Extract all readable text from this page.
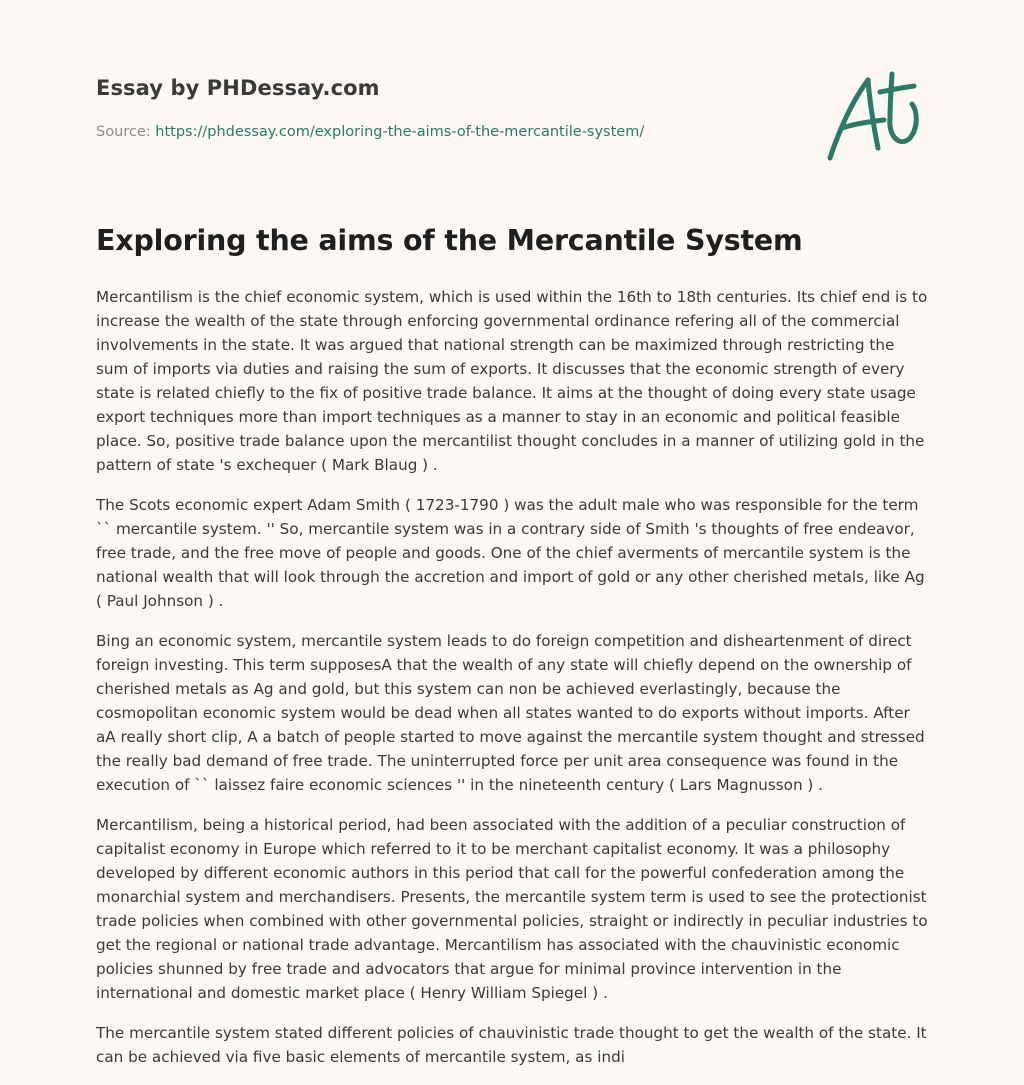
Essay by PHDessay.com
Source: https://phdessay.com/exploring-the-aims-of-the-mercantile-system/
Exploring the aims of the Mercantile System

Mercantilism is the chief economic system, which is used within the 16th to 18th centuries. Its chief end is to increase the wealth of the state through enforcing governmental ordinance refering all of the commercial involvements in the state. It was argued that national strength can be maximized through restricting the sum of imports via duties and raising the sum of exports. It discusses that the economic strength of every state is related chiefly to the fix of positive trade balance. It aims at the thought of doing every state usage export techniques more than import techniques as a manner to stay in an economic and political feasible place. So, positive trade balance upon the mercantilist thought concludes in a manner of utilizing gold in the pattern of state 's exchequer ( Mark Blaug ) .

The Scots economic expert Adam Smith ( 1723-1790 ) was the adult male who was responsible for the term `` mercantile system. '' So, mercantile system was in a contrary side of Smith 's thoughts of free endeavor, free trade, and the free move of people and goods. One of the chief averments of mercantile system is the national wealth that will look through the accretion and import of gold or any other cherished metals, like Ag ( Paul Johnson ) .

Bing an economic system, mercantile system leads to do foreign competition and disheartenment of direct foreign investing. This term supposesA that the wealth of any state will chiefly depend on the ownership of cherished metals as Ag and gold, but this system can non be achieved everlastingly, because the cosmopolitan economic system would be dead when all states wanted to do exports without imports. After aA really short clip, A a batch of people started to move against the mercantile system thought and stressed the really bad demand of free trade. The uninterrupted force per unit area consequence was found in the execution of `` laissez faire economic sciences '' in the nineteenth century ( Lars Magnusson ) .

Mercantilism, being a historical period, had been associated with the addition of a peculiar construction of capitalist economy in Europe which referred to it to be merchant capitalist economy. It was a philosophy developed by different economic authors in this period that call for the powerful confederation among the monarchial system and merchandisers. Presents, the mercantile system term is used to see the protectionist trade policies when combined with other governmental policies, straight or indirectly in peculiar industries to get the regional or national trade advantage. Mercantilism has associated with the chauvinistic economic policies shunned by free trade and advocators that argue for minimal province intervention in the international and domestic market place ( Henry William Spiegel ) .

The mercantile system stated different policies of chauvinistic trade thought to get the wealth of the state. It can be achieved via five basic elements of mercantile system, as indi
